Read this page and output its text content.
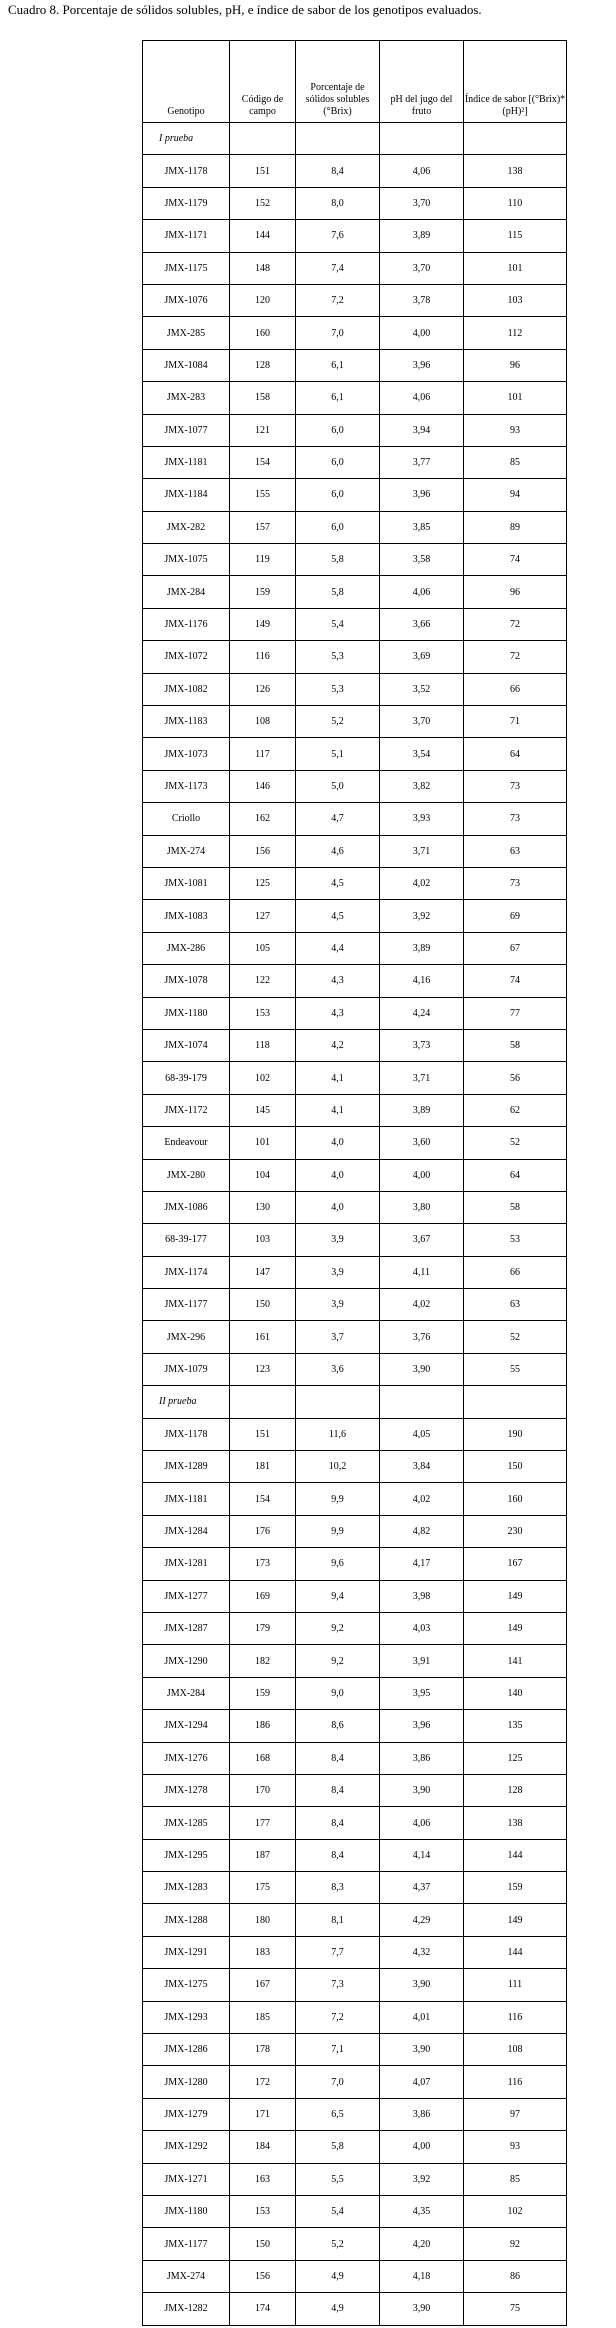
Cuadro 8. Porcentaje de sólidos solubles, pH, e índice de sabor de los genotipos evaluados.
Genotipo	Código de campo	Porcentaje de sólidos solubles (°Brix)	pH del jugo del fruto	Índice de sabor [(°Brix)*(pH)²]
I prueba				
JMX-1178	151	8,4	4,06	138
JMX-1179	152	8,0	3,70	110
JMX-1171	144	7,6	3,89	115
JMX-1175	148	7,4	3,70	101
JMX-1076	120	7,2	3,78	103
JMX-285	160	7,0	4,00	112
JMX-1084	128	6,1	3,96	96
JMX-283	158	6,1	4,06	101
JMX-1077	121	6,0	3,94	93
JMX-1181	154	6,0	3,77	85
JMX-1184	155	6,0	3,96	94
JMX-282	157	6,0	3,85	89
JMX-1075	119	5,8	3,58	74
JMX-284	159	5,8	4,06	96
JMX-1176	149	5,4	3,66	72
JMX-1072	116	5,3	3,69	72
JMX-1082	126	5,3	3,52	66
JMX-1183	108	5,2	3,70	71
JMX-1073	117	5,1	3,54	64
JMX-1173	146	5,0	3,82	73
Criollo	162	4,7	3,93	73
JMX-274	156	4,6	3,71	63
JMX-1081	125	4,5	4,02	73
JMX-1083	127	4,5	3,92	69
JMX-286	105	4,4	3,89	67
JMX-1078	122	4,3	4,16	74
JMX-1180	153	4,3	4,24	77
JMX-1074	118	4,2	3,73	58
68-39-179	102	4,1	3,71	56
JMX-1172	145	4,1	3,89	62
Endeavour	101	4,0	3,60	52
JMX-280	104	4,0	4,00	64
JMX-1086	130	4,0	3,80	58
68-39-177	103	3,9	3,67	53
JMX-1174	147	3,9	4,11	66
JMX-1177	150	3,9	4,02	63
JMX-296	161	3,7	3,76	52
JMX-1079	123	3,6	3,90	55
II prueba				
JMX-1178	151	11,6	4,05	190
JMX-1289	181	10,2	3,84	150
JMX-1181	154	9,9	4,02	160
JMX-1284	176	9,9	4,82	230
JMX-1281	173	9,6	4,17	167
JMX-1277	169	9,4	3,98	149
JMX-1287	179	9,2	4,03	149
JMX-1290	182	9,2	3,91	141
JMX-284	159	9,0	3,95	140
JMX-1294	186	8,6	3,96	135
JMX-1276	168	8,4	3,86	125
JMX-1278	170	8,4	3,90	128
JMX-1285	177	8,4	4,06	138
JMX-1295	187	8,4	4,14	144
JMX-1283	175	8,3	4,37	159
JMX-1288	180	8,1	4,29	149
JMX-1291	183	7,7	4,32	144
JMX-1275	167	7,3	3,90	111
JMX-1293	185	7,2	4,01	116
JMX-1286	178	7,1	3,90	108
JMX-1280	172	7,0	4,07	116
JMX-1279	171	6,5	3,86	97
JMX-1292	184	5,8	4,00	93
JMX-1271	163	5,5	3,92	85
JMX-1180	153	5,4	4,35	102
JMX-1177	150	5,2	4,20	92
JMX-274	156	4,9	4,18	86
JMX-1282	174	4,9	3,90	75
